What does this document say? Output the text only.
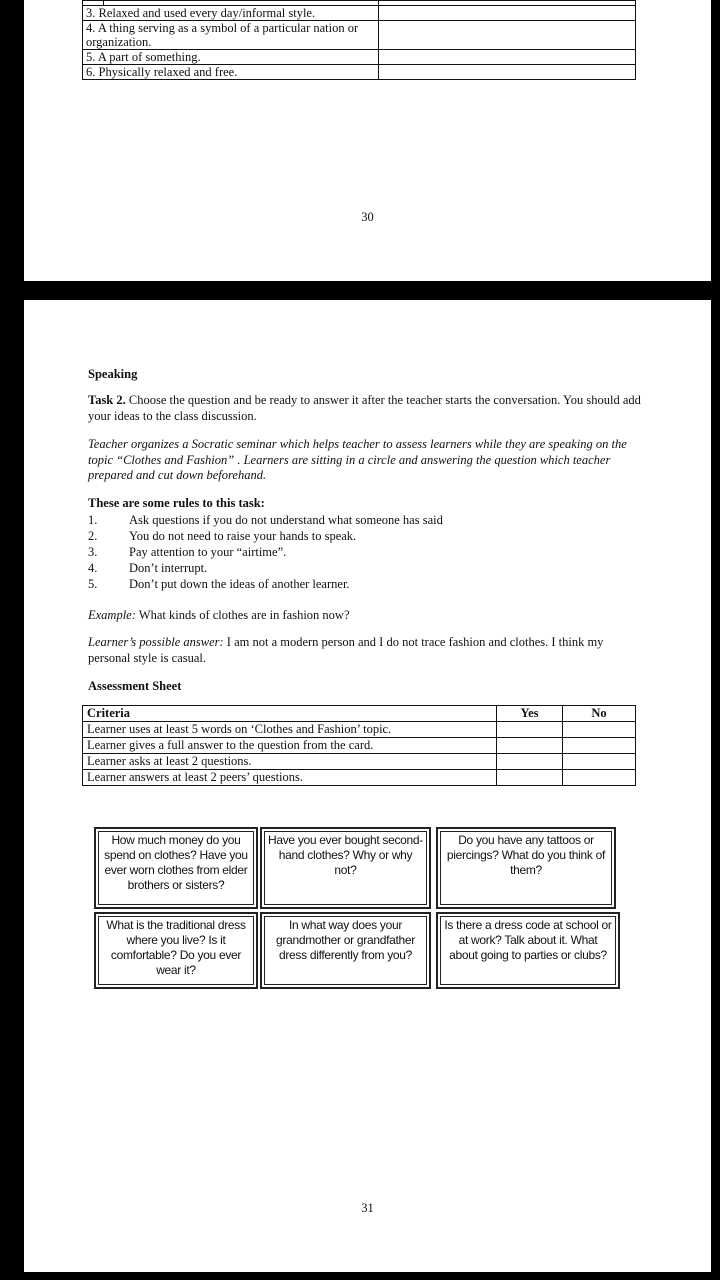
3. Relaxed and used every day/informal style.		
4. A thing serving as a symbol of a particular nation or organization.		
5. A part of something.		
6. Physically relaxed and free.		
30
Speaking
Task 2. Choose the question and be ready to answer it after the teacher starts the conversation. You should add your ideas to the class discussion.
Teacher organizes a Socratic seminar which helps teacher to assess learners while they are speaking on the topic “Clothes and Fashion” . Learners are sitting in a circle and answering the question which teacher prepared and cut down beforehand.
These are some rules to this task:
1.	Ask questions if you do not understand what someone has said
2.	You do not need to raise your hands to speak.
3.	Pay attention to your “airtime”.
4.	Don’t interrupt.
5.	Don’t put down the ideas of another learner.
Example: What kinds of clothes are in fashion now?
Learner’s possible answer: I am not a modern person and I do not trace fashion and clothes. I think my personal style is casual.
Assessment Sheet
Criteria	Yes	No
Learner uses at least 5 words on ‘Clothes and Fashion’ topic.		
Learner gives a full answer to the question from the card.		
Learner asks at least 2 questions.		
Learner answers at least 2 peers’ questions.		
How much money do you spend on clothes? Have you ever worn clothes from elder brothers or sisters?
Have you ever bought second-hand clothes? Why or why not?
Do you have any tattoos or piercings? What do you think of them?
What is the traditional dress where you live? Is it comfortable? Do you ever wear it?
In what way does your grandmother or grandfather dress differently from you?
Is there a dress code at school or at work? Talk about it. What about going to parties or clubs?
31
